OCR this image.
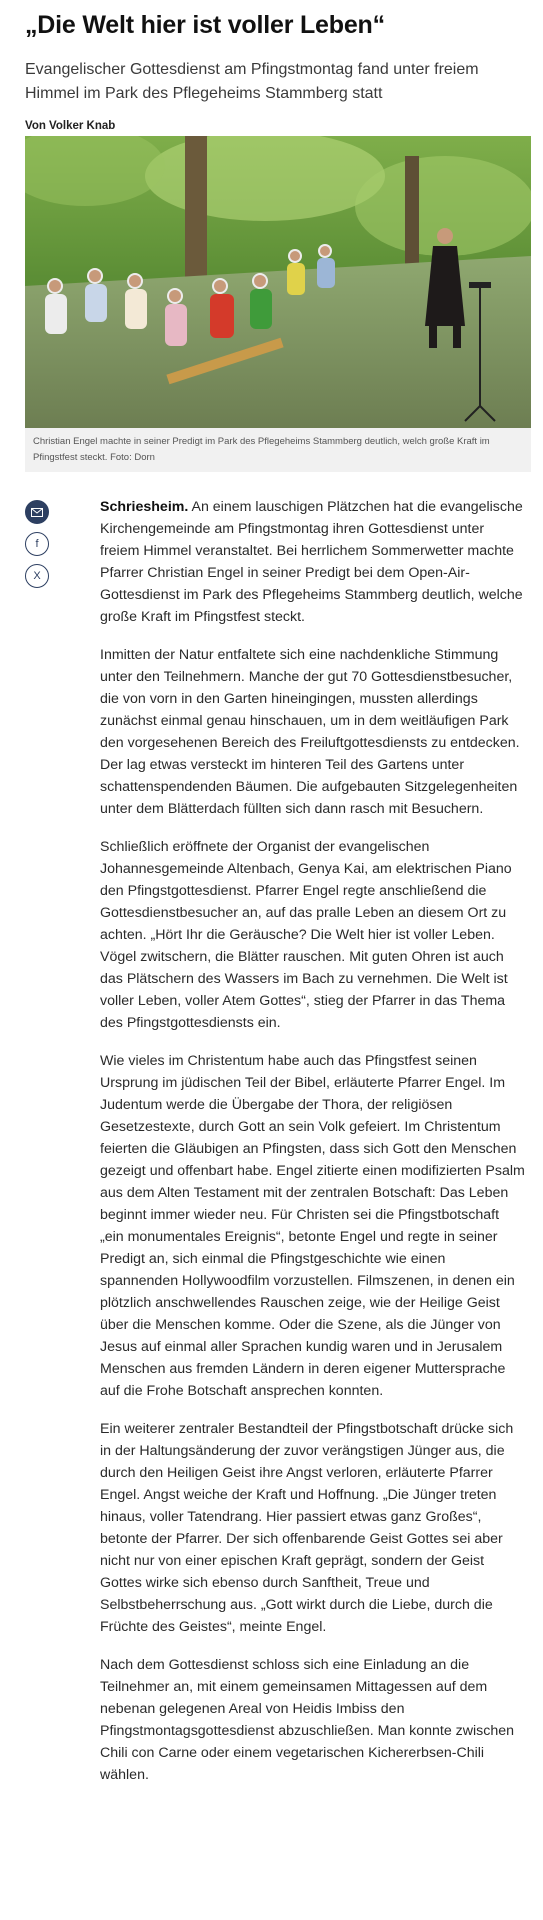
„Die Welt hier ist voller Leben“

Evangelischer Gottesdienst am Pfingstmontag fand unter freiem Himmel im Park des Pflegeheims Stammberg statt

Von Volker Knab
Christian Engel machte in seiner Predigt im Park des Pflegeheims Stammberg deutlich, welch große Kraft im Pfingstfest steckt. Foto: Dorn
f
X

Schriesheim. An einem lauschigen Plätzchen hat die evangelische Kirchengemeinde am Pfingstmontag ihren Gottesdienst unter freiem Himmel veranstaltet. Bei herrlichem Sommerwetter machte Pfarrer Christian Engel in seiner Predigt bei dem Open-Air-Gottesdienst im Park des Pflegeheims Stammberg deutlich, welche große Kraft im Pfingstfest steckt.

Inmitten der Natur entfaltete sich eine nachdenkliche Stimmung unter den Teilnehmern. Manche der gut 70 Gottesdienstbesucher, die von vorn in den Garten hineingingen, mussten allerdings zunächst einmal genau hinschauen, um in dem weitläufigen Park den vorgesehenen Bereich des Freiluftgottesdiensts zu entdecken. Der lag etwas versteckt im hinteren Teil des Gartens unter schattenspendenden Bäumen. Die aufgebauten Sitzgelegenheiten unter dem Blätterdach füllten sich dann rasch mit Besuchern.

Schließlich eröffnete der Organist der evangelischen Johannesgemeinde Altenbach, Genya Kai, am elektrischen Piano den Pfingstgottesdienst. Pfarrer Engel regte anschließend die Gottesdienstbesucher an, auf das pralle Leben an diesem Ort zu achten. „Hört Ihr die Geräusche? Die Welt hier ist voller Leben. Vögel zwitschern, die Blätter rauschen. Mit guten Ohren ist auch das Plätschern des Wassers im Bach zu vernehmen. Die Welt ist voller Leben, voller Atem Gottes“, stieg der Pfarrer in das Thema des Pfingstgottesdiensts ein.

Wie vieles im Christentum habe auch das Pfingstfest seinen Ursprung im jüdischen Teil der Bibel, erläuterte Pfarrer Engel. Im Judentum werde die Übergabe der Thora, der religiösen Gesetzestexte, durch Gott an sein Volk gefeiert. Im Christentum feierten die Gläubigen an Pfingsten, dass sich Gott den Menschen gezeigt und offenbart habe. Engel zitierte einen modifizierten Psalm aus dem Alten Testament mit der zentralen Botschaft: Das Leben beginnt immer wieder neu. Für Christen sei die Pfingstbotschaft „ein monumentales Ereignis“, betonte Engel und regte in seiner Predigt an, sich einmal die Pfingstgeschichte wie einen spannenden Hollywoodfilm vorzustellen. Filmszenen, in denen ein plötzlich anschwellendes Rauschen zeige, wie der Heilige Geist über die Menschen komme. Oder die Szene, als die Jünger von Jesus auf einmal aller Sprachen kundig waren und in Jerusalem Menschen aus fremden Ländern in deren eigener Muttersprache auf die Frohe Botschaft ansprechen konnten.

Ein weiterer zentraler Bestandteil der Pfingstbotschaft drücke sich in der Haltungsänderung der zuvor verängstigen Jünger aus, die durch den Heiligen Geist ihre Angst verloren, erläuterte Pfarrer Engel. Angst weiche der Kraft und Hoffnung. „Die Jünger treten hinaus, voller Tatendrang. Hier passiert etwas ganz Großes“, betonte der Pfarrer. Der sich offenbarende Geist Gottes sei aber nicht nur von einer epischen Kraft geprägt, sondern der Geist Gottes wirke sich ebenso durch Sanftheit, Treue und Selbstbeherrschung aus. „Gott wirkt durch die Liebe, durch die Früchte des Geistes“, meinte Engel.

Nach dem Gottesdienst schloss sich eine Einladung an die Teilnehmer an, mit einem gemeinsamen Mittagessen auf dem nebenan gelegenen Areal von Heidis Imbiss den Pfingstmontagsgottesdienst abzuschließen. Man konnte zwischen Chili con Carne oder einem vegetarischen Kichererbsen-Chili wählen.
